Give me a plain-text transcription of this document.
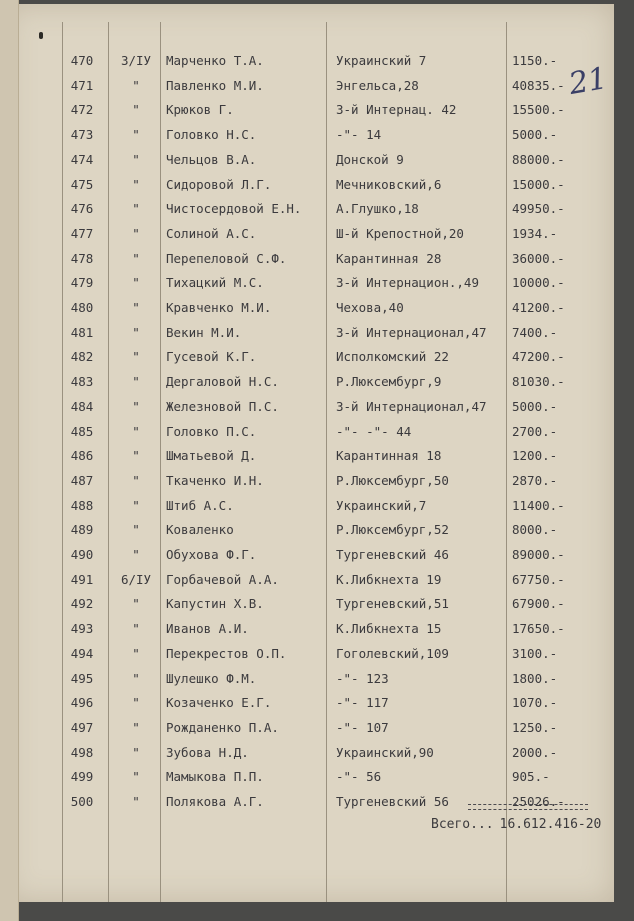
21
470	3/IУ	Марченко Т.А.	Украинский 7	1150.-
471	"	Павленко М.И.	Энгельса,28	40835.-
472	"	Крюков Г.	3-й Интернац. 42	15500.-
473	"	Головко Н.С.	-"- 14	5000.-
474	"	Чельцов В.А.	Донской 9	88000.-
475	"	Сидоровой Л.Г.	Мечниковский,6	15000.-
476	"	Чистосердовой Е.Н.	А.Глушко,18	49950.-
477	"	Солиной А.С.	Ш-й Крепостной,20	1934.-
478	"	Перепеловой С.Ф.	Карантинная 28	36000.-
479	"	Тихацкий М.С.	3-й Интернацион.,49	10000.-
480	"	Кравченко М.И.	Чехова,40	41200.-
481	"	Векин М.И.	3-й Интернационал,47	7400.-
482	"	Гусевой К.Г.	Исполкомский 22	47200.-
483	"	Дергаловой Н.С.	Р.Люксембург,9	81030.-
484	"	Железновой П.С.	3-й Интернационал,47	5000.-
485	"	Головко П.С.	-"- -"- 44	2700.-
486	"	Шматьевой Д.	Карантинная 18	1200.-
487	"	Ткаченко И.Н.	Р.Люксембург,50	2870.-
488	"	Штиб А.С.	Украинский,7	11400.-
489	"	Коваленко	Р.Люксембург,52	8000.-
490	"	Обухова Ф.Г.	Тургеневский 46	89000.-
491	6/IУ	Горбачевой А.А.	К.Либкнехта 19	67750.-
492	"	Капустин Х.В.	Тургеневский,51	67900.-
493	"	Иванов А.И.	К.Либкнехта 15	17650.-
494	"	Перекрестов О.П.	Гоголевский,109	3100.-
495	"	Шулешко Ф.М.	-"- 123	1800.-
496	"	Козаченко Е.Г.	-"- 117	1070.-
497	"	Рожданенко П.А.	-"- 107	1250.-
498	"	Зубова Н.Д.	Украинский,90	2000.-
499	"	Мамыкова П.П.	-"- 56	905.-
500	"	Полякова А.Г.	Тургеневский 56	25026.-
Всего... 16.612.416-20
